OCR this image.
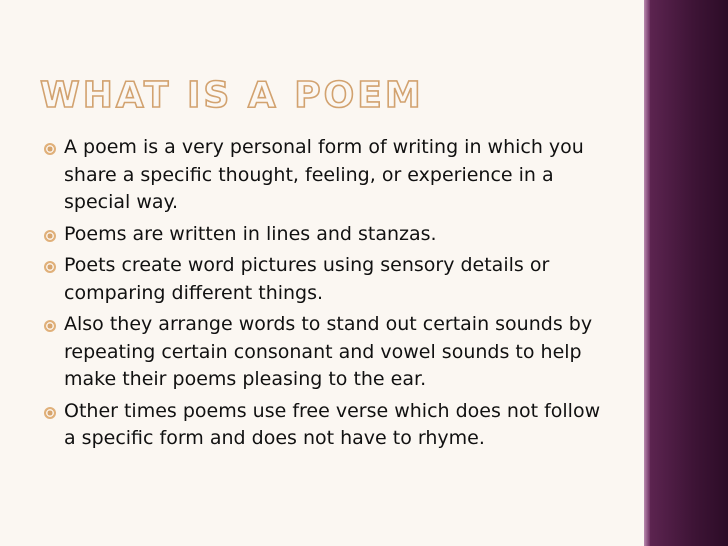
WHAT IS A POEM
A poem is a very personal form of writing in which you share a specific thought, feeling, or experience in a special way.
Poems are written in lines and stanzas.
Poets create word pictures using sensory details or comparing different things.
Also they arrange words to stand out certain sounds by repeating certain consonant and vowel sounds to help make their poems pleasing to the ear.
Other times poems use free verse which does not follow a specific form and does not have to rhyme.
